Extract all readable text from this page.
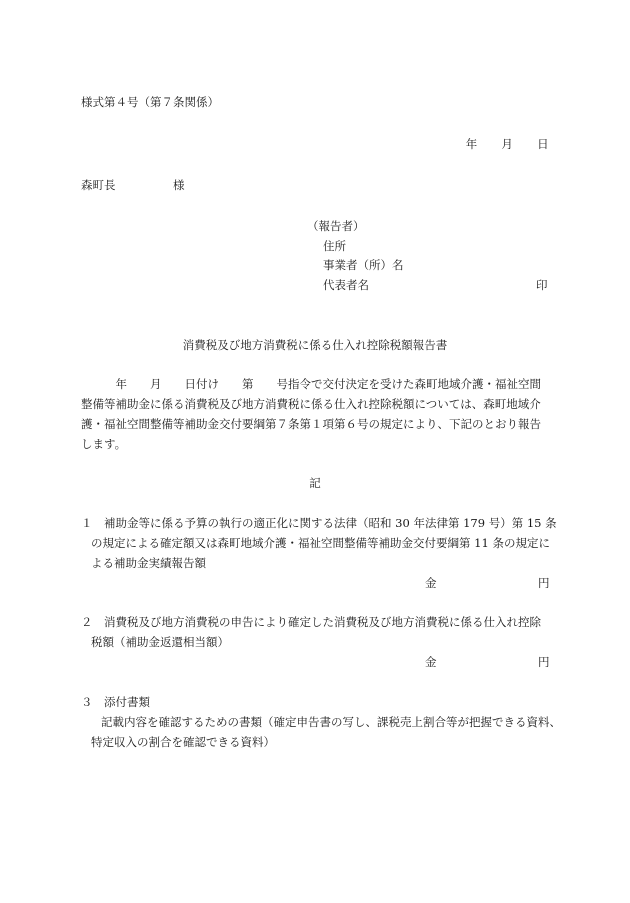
様式第４号（第７条関係）
年　　月　　日
森町長　　　　　様
（報告者）
住所
事業者（所）名
代表者名	印
消費税及び地方消費税に係る仕入れ控除税額報告書
　　　年　　月　　日付け　　第　　号指令で交付決定を受けた森町地域介護・福祉空間
整備等補助金に係る消費税及び地方消費税に係る仕入れ控除税額については、森町地域介
護・福祉空間整備等補助金交付要綱第７条第１項第６号の規定により、下記のとおり報告
します。
記
１　補助金等に係る予算の執行の適正化に関する法律（昭和 30 年法律第 179 号）第 15 条
の規定による確定額又は森町地域介護・福祉空間整備等補助金交付要綱第 11 条の規定に
よる補助金実績報告額
金	円
２　消費税及び地方消費税の申告により確定した消費税及び地方消費税に係る仕入れ控除
税額（補助金返還相当額）
金	円
３　添付書類
記載内容を確認するための書類（確定申告書の写し、課税売上割合等が把握できる資料、
特定収入の割合を確認できる資料）
